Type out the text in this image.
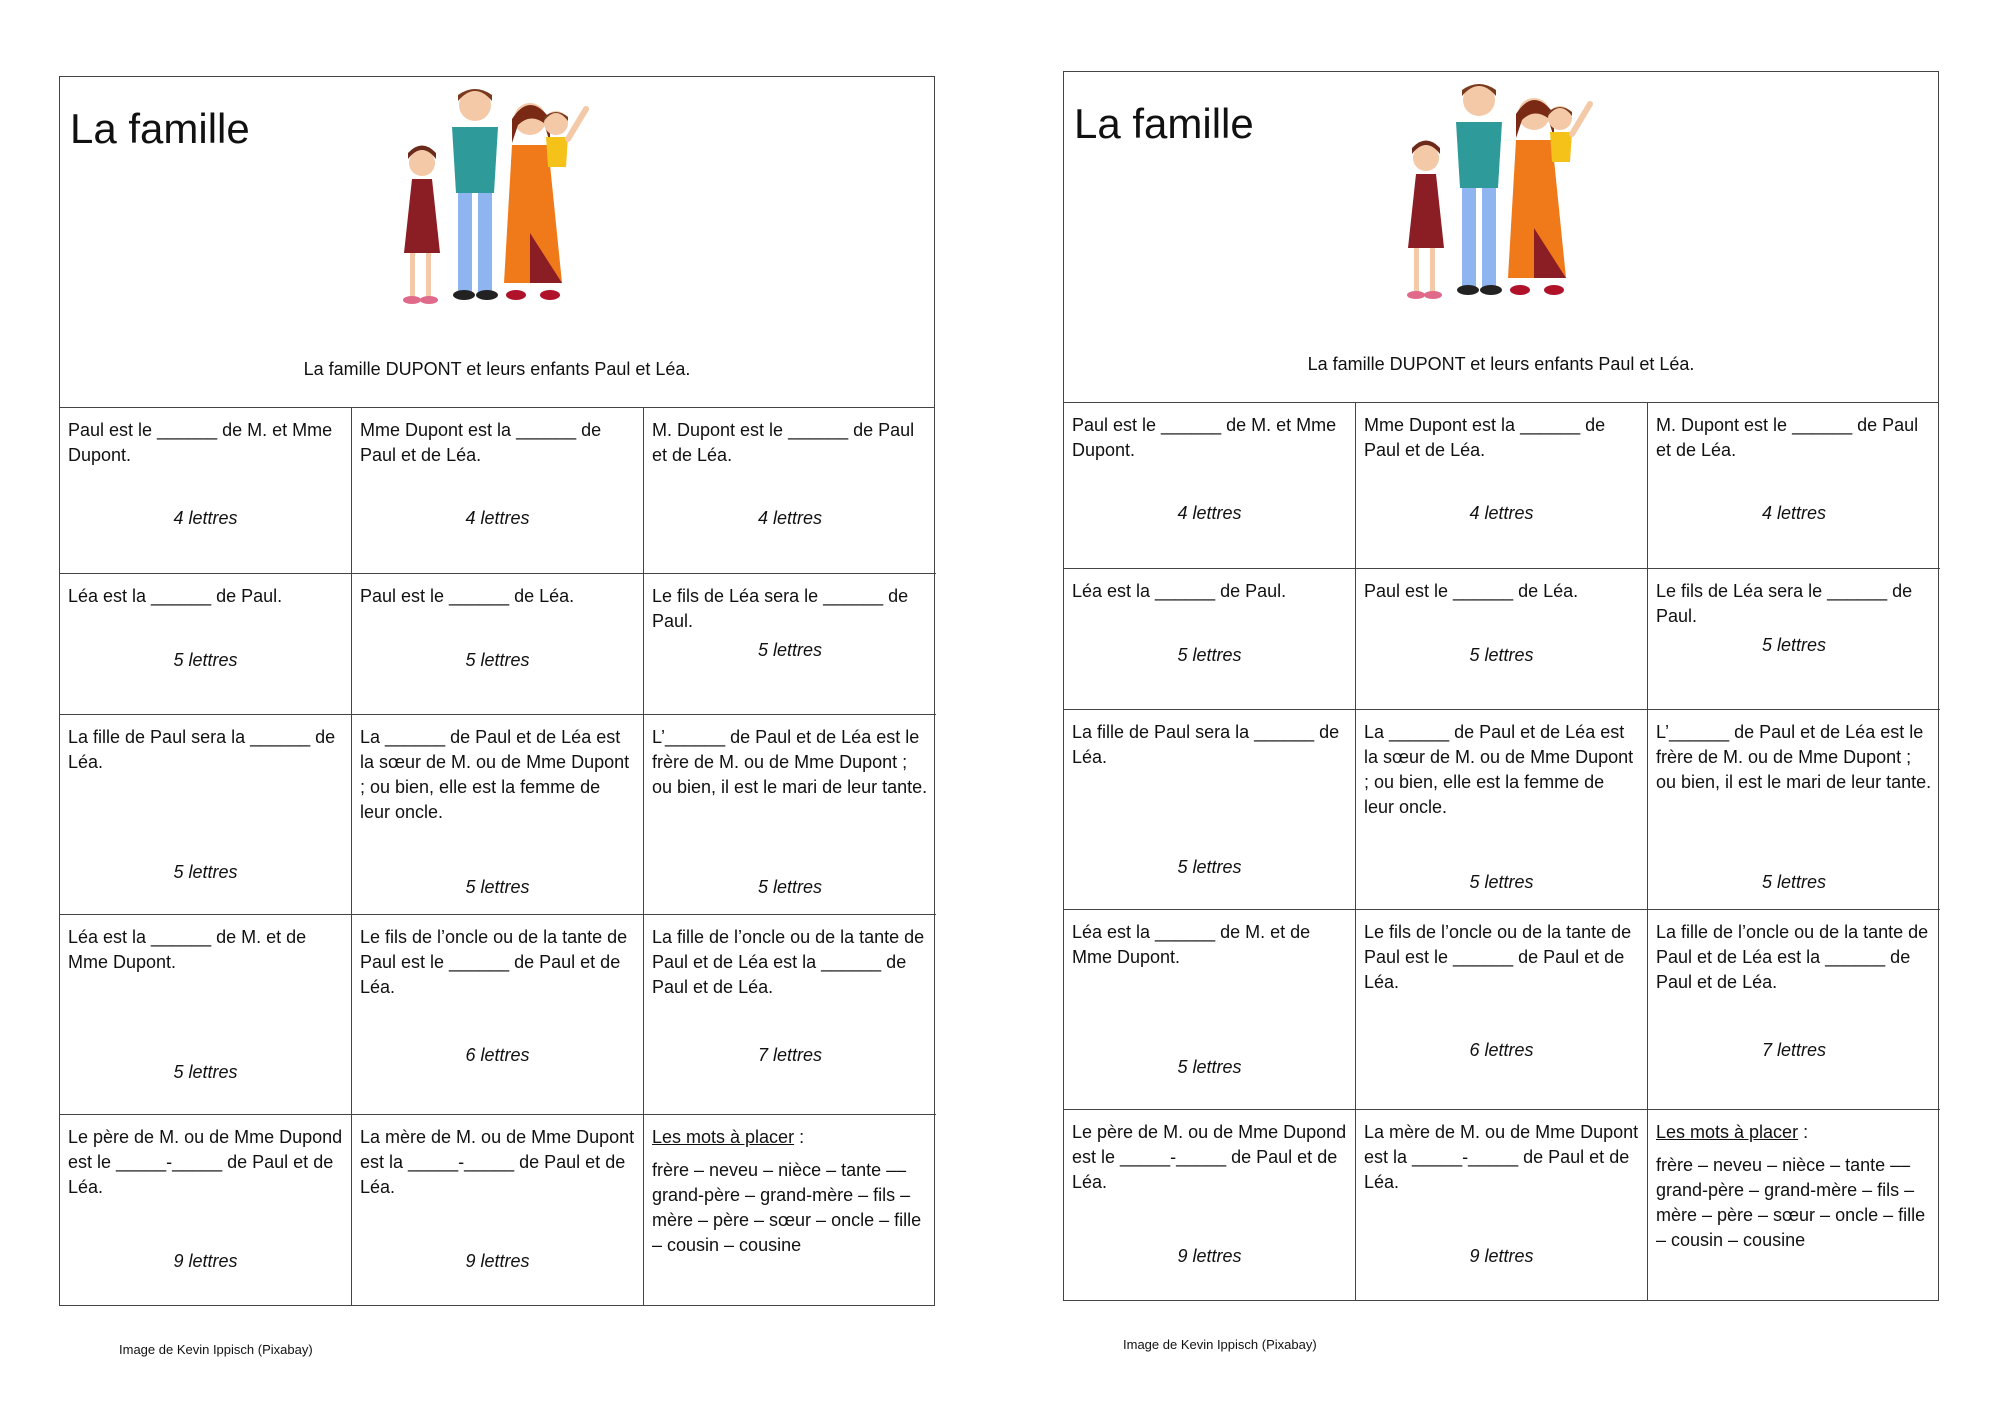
La famille
La famille DUPONT et leurs enfants Paul et Léa.
Paul est le ______ de M. et Mme Dupont.
4 lettres
Mme Dupont est la ______ de Paul et de Léa.
4 lettres
M. Dupont est le ______ de Paul et de Léa.
4 lettres
Léa est la ______ de Paul.
5 lettres
Paul est le ______ de Léa.
5 lettres
Le fils de Léa sera le ______ de Paul.
5 lettres
La fille de Paul sera la ______ de Léa.
5 lettres
La ______ de Paul et de Léa est la sœur de M. ou de Mme Dupont ; ou bien, elle est la femme de leur oncle.
5 lettres
L’______ de Paul et de Léa est le frère de M. ou de Mme Dupont ; ou bien, il est le mari de leur tante.
5 lettres
Léa est la ______ de M. et de Mme Dupont.
5 lettres
Le fils de l’oncle ou de la tante de Paul est le ______ de Paul et de Léa.
6 lettres
La fille de l’oncle ou de la tante de Paul et de Léa est la ______ de Paul et de Léa.
7 lettres
Le père de M. ou de Mme Dupond est le _____-_____ de Paul et de Léa.
9 lettres
La mère de M. ou de Mme Dupont est la _____-_____ de Paul et de Léa.
9 lettres
Les mots à placer :
frère – neveu – nièce – tante –– grand-père – grand-mère – fils – mère – père – sœur – oncle – fille – cousin – cousine
Image de Kevin Ippisch (Pixabay)
La famille
La famille DUPONT et leurs enfants Paul et Léa.
Paul est le ______ de M. et Mme Dupont.
4 lettres
Mme Dupont est la ______ de Paul et de Léa.
4 lettres
M. Dupont est le ______ de Paul et de Léa.
4 lettres
Léa est la ______ de Paul.
5 lettres
Paul est le ______ de Léa.
5 lettres
Le fils de Léa sera le ______ de Paul.
5 lettres
La fille de Paul sera la ______ de Léa.
5 lettres
La ______ de Paul et de Léa est la sœur de M. ou de Mme Dupont ; ou bien, elle est la femme de leur oncle.
5 lettres
L’______ de Paul et de Léa est le frère de M. ou de Mme Dupont ; ou bien, il est le mari de leur tante.
5 lettres
Léa est la ______ de M. et de Mme Dupont.
5 lettres
Le fils de l’oncle ou de la tante de Paul est le ______ de Paul et de Léa.
6 lettres
La fille de l’oncle ou de la tante de Paul et de Léa est la ______ de Paul et de Léa.
7 lettres
Le père de M. ou de Mme Dupond est le _____-_____ de Paul et de Léa.
9 lettres
La mère de M. ou de Mme Dupont est la _____-_____ de Paul et de Léa.
9 lettres
Les mots à placer :
frère – neveu – nièce – tante –– grand-père – grand-mère – fils – mère – père – sœur – oncle – fille – cousin – cousine
Image de Kevin Ippisch (Pixabay)
